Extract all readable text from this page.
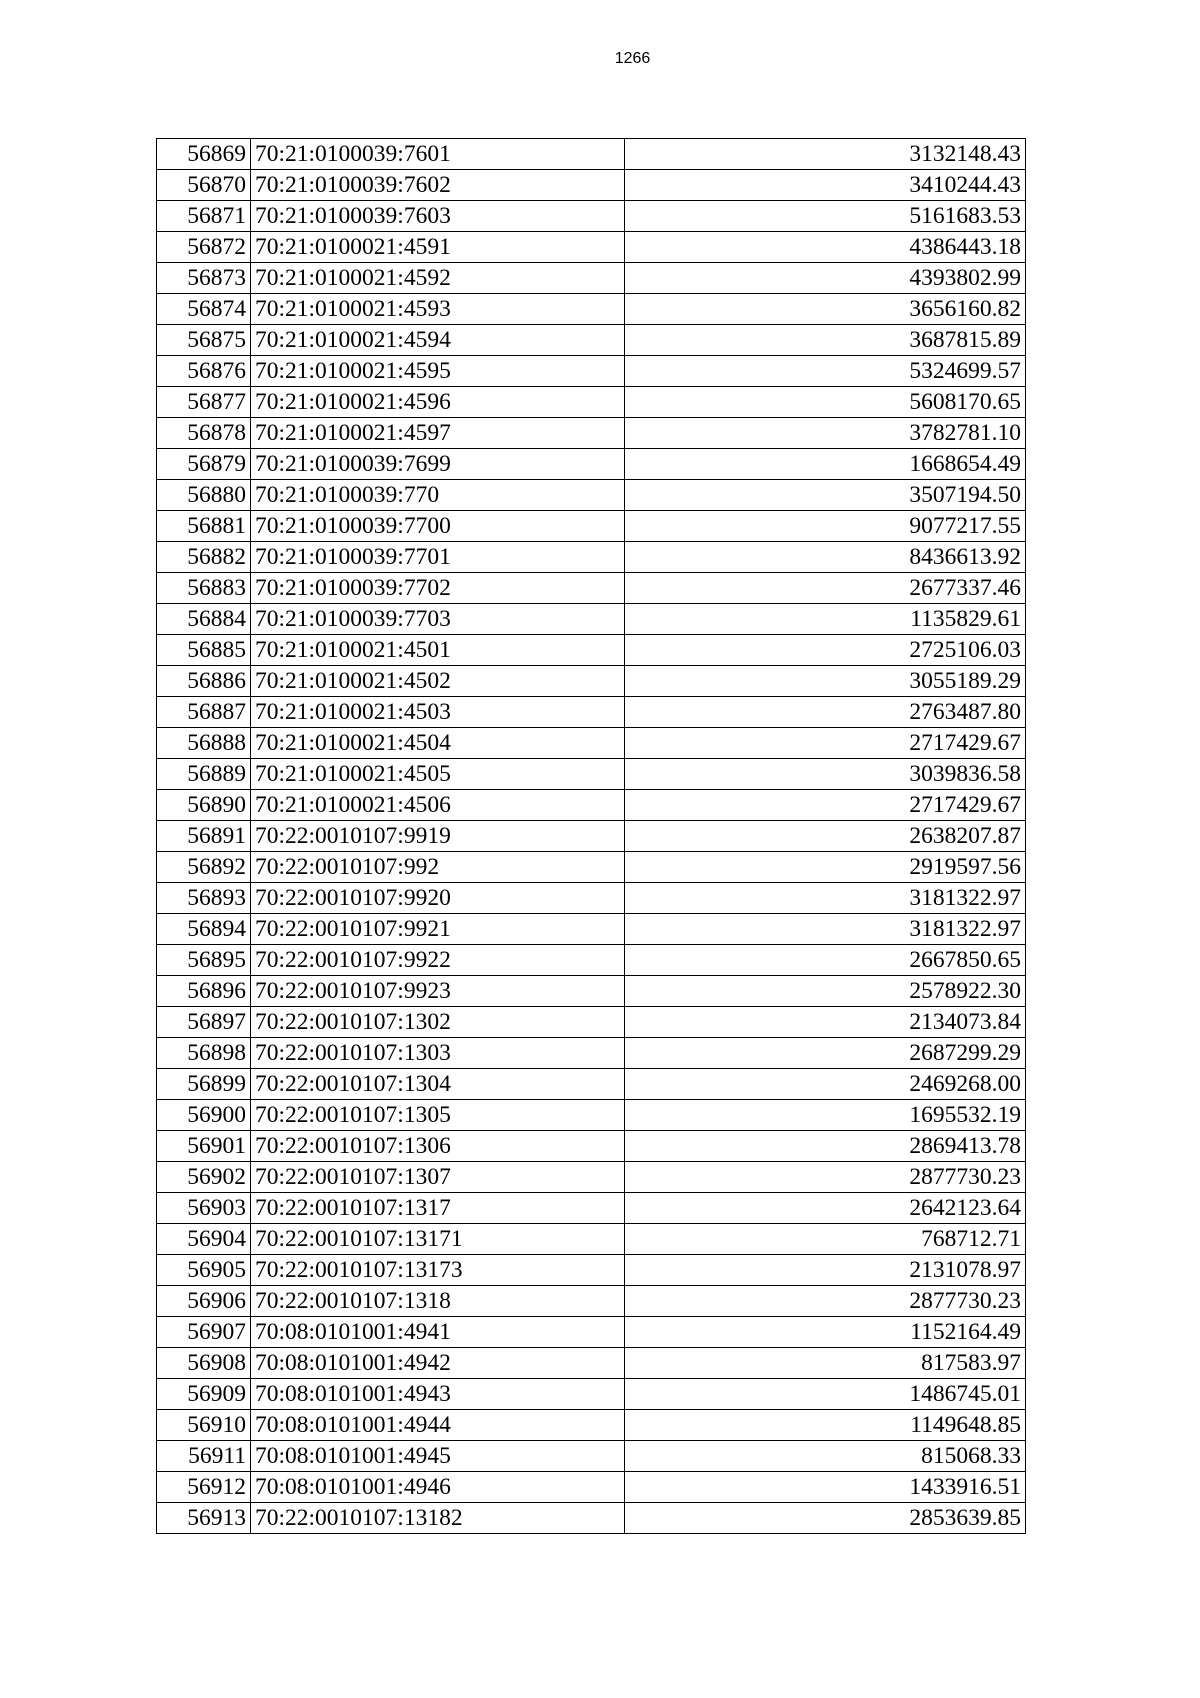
1266
56869	70:21:0100039:7601	3132148.43
56870	70:21:0100039:7602	3410244.43
56871	70:21:0100039:7603	5161683.53
56872	70:21:0100021:4591	4386443.18
56873	70:21:0100021:4592	4393802.99
56874	70:21:0100021:4593	3656160.82
56875	70:21:0100021:4594	3687815.89
56876	70:21:0100021:4595	5324699.57
56877	70:21:0100021:4596	5608170.65
56878	70:21:0100021:4597	3782781.10
56879	70:21:0100039:7699	1668654.49
56880	70:21:0100039:770	3507194.50
56881	70:21:0100039:7700	9077217.55
56882	70:21:0100039:7701	8436613.92
56883	70:21:0100039:7702	2677337.46
56884	70:21:0100039:7703	1135829.61
56885	70:21:0100021:4501	2725106.03
56886	70:21:0100021:4502	3055189.29
56887	70:21:0100021:4503	2763487.80
56888	70:21:0100021:4504	2717429.67
56889	70:21:0100021:4505	3039836.58
56890	70:21:0100021:4506	2717429.67
56891	70:22:0010107:9919	2638207.87
56892	70:22:0010107:992	2919597.56
56893	70:22:0010107:9920	3181322.97
56894	70:22:0010107:9921	3181322.97
56895	70:22:0010107:9922	2667850.65
56896	70:22:0010107:9923	2578922.30
56897	70:22:0010107:1302	2134073.84
56898	70:22:0010107:1303	2687299.29
56899	70:22:0010107:1304	2469268.00
56900	70:22:0010107:1305	1695532.19
56901	70:22:0010107:1306	2869413.78
56902	70:22:0010107:1307	2877730.23
56903	70:22:0010107:1317	2642123.64
56904	70:22:0010107:13171	768712.71
56905	70:22:0010107:13173	2131078.97
56906	70:22:0010107:1318	2877730.23
56907	70:08:0101001:4941	1152164.49
56908	70:08:0101001:4942	817583.97
56909	70:08:0101001:4943	1486745.01
56910	70:08:0101001:4944	1149648.85
56911	70:08:0101001:4945	815068.33
56912	70:08:0101001:4946	1433916.51
56913	70:22:0010107:13182	2853639.85
